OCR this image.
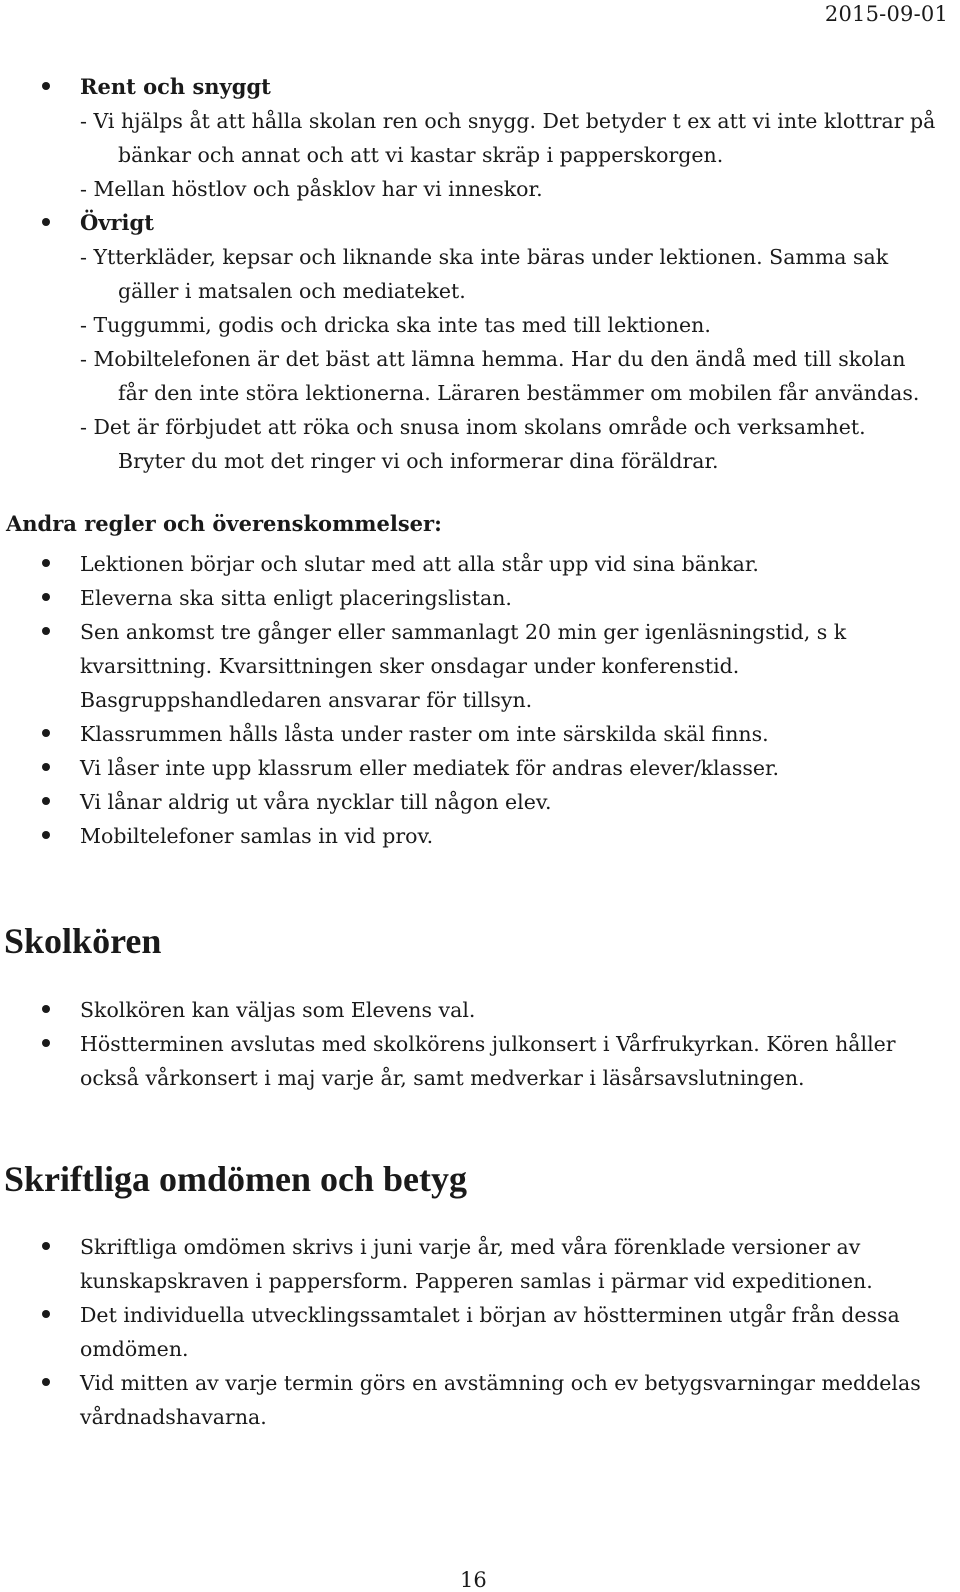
2015-09-01
Rent och snyggt
- Vi hjälps åt att hålla skolan ren och snygg. Det betyder t ex att vi inte klottrar på
bänkar och annat och att vi kastar skräp i papperskorgen.
- Mellan höstlov och påsklov har vi inneskor.
Övrigt
- Ytterkläder, kepsar och liknande ska inte bäras under lektionen. Samma sak
gäller i matsalen och mediateket.
- Tuggummi, godis och dricka ska inte tas med till lektionen.
- Mobiltelefonen är det bäst att lämna hemma. Har du den ändå med till skolan
får den inte störa lektionerna. Läraren bestämmer om mobilen får användas.
- Det är förbjudet att röka och snusa inom skolans område och verksamhet.
Bryter du mot det ringer vi och informerar dina föräldrar.
Andra regler och överenskommelser:
Lektionen börjar och slutar med att alla står upp vid sina bänkar.
Eleverna ska sitta enligt placeringslistan.
Sen ankomst tre gånger eller sammanlagt 20 min ger igenläsningstid, s k
kvarsittning. Kvarsittningen sker onsdagar under konferenstid.
Basgruppshandledaren ansvarar för tillsyn.
Klassrummen hålls låsta under raster om inte särskilda skäl finns.
Vi låser inte upp klassrum eller mediatek för andras elever/klasser.
Vi lånar aldrig ut våra nycklar till någon elev.
Mobiltelefoner samlas in vid prov.
Skolkören
Skolkören kan väljas som Elevens val.
Höstterminen avslutas med skolkörens julkonsert i Vårfrukyrkan. Kören håller
också vårkonsert i maj varje år, samt medverkar i läsårsavslutningen.
Skriftliga omdömen och betyg
Skriftliga omdömen skrivs i juni varje år, med våra förenklade versioner av
kunskapskraven i pappersform. Papperen samlas i pärmar vid expeditionen.
Det individuella utvecklingssamtalet i början av höstterminen utgår från dessa
omdömen.
Vid mitten av varje termin görs en avstämning och ev betygsvarningar meddelas
vårdnadshavarna.
16
